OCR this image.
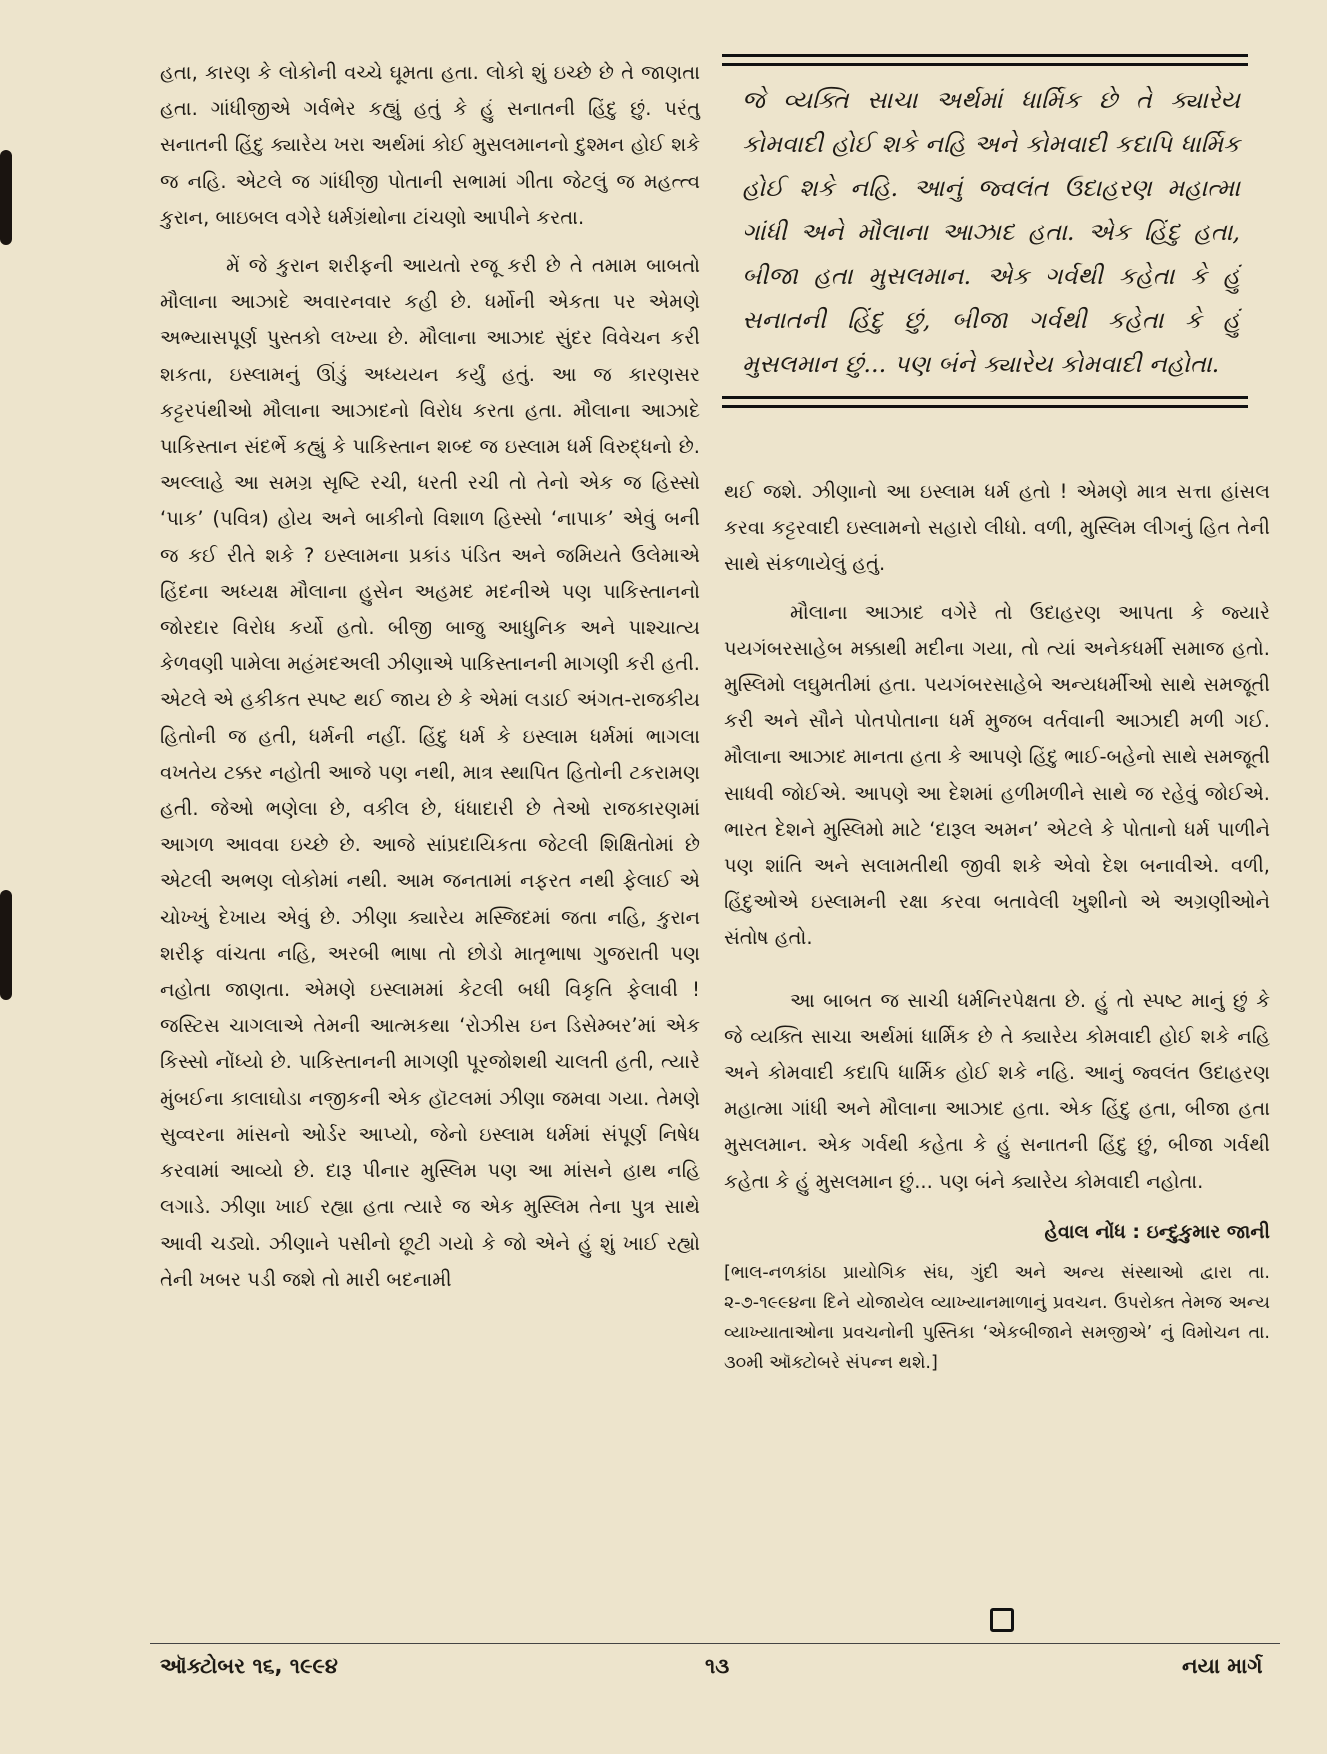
હતા, કારણ કે લોકોની વચ્ચે ઘૂમતા હતા. લોકો શું ઇચ્છે છે તે જાણતા હતા. ગાંધીજીએ ગર્વભેર કહ્યું હતું કે હું સનાતની હિંદુ છું. પરંતુ સનાતની હિંદુ ક્યારેય ખરા અર્થમાં કોઈ મુસલમાનનો દુશ્મન હોઈ શકે જ નહિ. એટલે જ ગાંધીજી પોતાની સભામાં ગીતા જેટલું જ મહત્ત્વ કુરાન, બાઇબલ વગેરે ધર્મગ્રંથોના ટાંચણો આપીને કરતા.

મેં જે કુરાન શરીફની આયતો રજૂ કરી છે તે તમામ બાબતો મૌલાના આઝાદે અવારનવાર કહી છે. ધર્મોની એકતા પર એમણે અભ્યાસપૂર્ણ પુસ્તકો લખ્યા છે. મૌલાના આઝાદ સુંદર વિવેચન કરી શકતા, ઇસ્લામનું ઊંડું અધ્યયન કર્યું હતું. આ જ કારણસર કટ્ટરપંથીઓ મૌલાના આઝાદનો વિરોધ કરતા હતા. મૌલાના આઝાદે પાકિસ્તાન સંદર્ભે કહ્યું કે પાકિસ્તાન શબ્દ જ ઇસ્લામ ધર્મ વિરુદ્ધનો છે. અલ્લાહે આ સમગ્ર સૃષ્ટિ રચી, ધરતી રચી તો તેનો એક જ હિસ્સો ‘પાક’ (પવિત્ર) હોય અને બાકીનો વિશાળ હિસ્સો ‘નાપાક’ એવું બની જ કઈ રીતે શકે ? ઇસ્લામના પ્રકાંડ પંડિત અને જમિયતે ઉલેમાએ હિંદના અધ્યક્ષ મૌલાના હુસેન અહમદ મદનીએ પણ પાકિસ્તાનનો જોરદાર વિરોધ કર્યો હતો. બીજી બાજુ આધુનિક અને પાશ્ચાત્ય કેળવણી પામેલા મહંમદઅલી ઝીણાએ પાકિસ્તાનની માગણી કરી હતી. એટલે એ હકીકત સ્પષ્ટ થઈ જાય છે કે એમાં લડાઈ અંગત-રાજકીય હિતોની જ હતી, ધર્મની નહીં. હિંદુ ધર્મ કે ઇસ્લામ ધર્મમાં ભાગલા વખતેય ટક્કર નહોતી આજે પણ નથી, માત્ર સ્થાપિત હિતોની ટકરામણ હતી. જેઓ ભણેલા છે, વકીલ છે, ધંધાદારી છે તેઓ રાજકારણમાં આગળ આવવા ઇચ્છે છે. આજે સાંપ્રદાયિકતા જેટલી શિક્ષિતોમાં છે એટલી અભણ લોકોમાં નથી. આમ જનતામાં નફરત નથી ફેલાઈ એ ચોખ્ખું દેખાય એવું છે. ઝીણા ક્યારેય મસ્જિદમાં જતા નહિ, કુરાન શરીફ વાંચતા નહિ, અરબી ભાષા તો છોડો માતૃભાષા ગુજરાતી પણ નહોતા જાણતા. એમણે ઇસ્લામમાં કેટલી બધી વિકૃતિ ફેલાવી ! જસ્ટિસ ચાગલાએ તેમની આત્મકથા ‘રોઝીસ ઇન ડિસેમ્બર’માં એક કિસ્સો નોંધ્યો છે. પાકિસ્તાનની માગણી પૂરજોશથી ચાલતી હતી, ત્યારે મુંબઈના કાલાઘોડા નજીકની એક હૉટલમાં ઝીણા જમવા ગયા. તેમણે સુવ્વરના માંસનો ઓર્ડર આપ્યો, જેનો ઇસ્લામ ધર્મમાં સંપૂર્ણ નિષેધ કરવામાં આવ્યો છે. દારૂ પીનાર મુસ્લિમ પણ આ માંસને હાથ નહિ લગાડે. ઝીણા ખાઈ રહ્યા હતા ત્યારે જ એક મુસ્લિમ તેના પુત્ર સાથે આવી ચડ્યો. ઝીણાને પસીનો છૂટી ગયો કે જો એને હું શું ખાઈ રહ્યો તેની ખબર પડી જશે તો મારી બદનામી

જે વ્યક્તિ સાચા અર્થમાં ધાર્મિક છે તે ક્યારેય કોમવાદી હોઈ શકે નહિ અને કોમવાદી કદાપિ ધાર્મિક હોઈ શકે નહિ. આનું જ્વલંત ઉદાહરણ મહાત્મા ગાંધી અને મૌલાના આઝાદ હતા. એક હિંદુ હતા, બીજા હતા મુસલમાન. એક ગર્વથી કહેતા કે હું સનાતની હિંદુ છું, બીજા ગર્વથી કહેતા કે હું મુસલમાન છું... પણ બંને ક્યારેય કોમવાદી નહોતા.

થઈ જશે. ઝીણાનો આ ઇસ્લામ ધર્મ હતો ! એમણે માત્ર સત્તા હાંસલ કરવા કટ્ટરવાદી ઇસ્લામનો સહારો લીધો. વળી, મુસ્લિમ લીગનું હિત તેની સાથે સંકળાયેલું હતું.

મૌલાના આઝાદ વગેરે તો ઉદાહરણ આપતા કે જ્યારે પયગંબરસાહેબ મક્કાથી મદીના ગયા, તો ત્યાં અનેકધર્મી સમાજ હતો. મુસ્લિમો લઘુમતીમાં હતા. પયગંબરસાહેબે અન્યધર્મીઓ સાથે સમજૂતી કરી અને સૌને પોતપોતાના ધર્મ મુજબ વર્તવાની આઝાદી મળી ગઈ. મૌલાના આઝાદ માનતા હતા કે આપણે હિંદુ ભાઈ-બહેનો સાથે સમજૂતી સાધવી જોઈએ. આપણે આ દેશમાં હળીમળીને સાથે જ રહેવું જોઈએ. ભારત દેશને મુસ્લિમો માટે ‘દારૂલ અમન’ એટલે કે પોતાનો ધર્મ પાળીને પણ શાંતિ અને સલામતીથી જીવી શકે એવો દેશ બનાવીએ. વળી, હિંદુઓએ ઇસ્લામની રક્ષા કરવા બતાવેલી ખુશીનો એ અગ્રણીઓને સંતોષ હતો.

આ બાબત જ સાચી ધર્મનિરપેક્ષતા છે. હું તો સ્પષ્ટ માનું છું કે જે વ્યક્તિ સાચા અર્થમાં ધાર્મિક છે તે ક્યારેય કોમવાદી હોઈ શકે નહિ અને કોમવાદી કદાપિ ધાર્મિક હોઈ શકે નહિ. આનું જ્વલંત ઉદાહરણ મહાત્મા ગાંધી અને મૌલાના આઝાદ હતા. એક હિંદુ હતા, બીજા હતા મુસલમાન. એક ગર્વથી કહેતા કે હું સનાતની હિંદુ છું, બીજા ગર્વથી કહેતા કે હું મુસલમાન છું... પણ બંને ક્યારેય કોમવાદી નહોતા.

હેવાલ નોંધ : ઇન્દુકુમાર જાની
[ભાલ-નળકાંઠા પ્રાયોગિક સંઘ, ગુંદી અને અન્ય સંસ્થાઓ દ્વારા તા. ૨-૭-૧૯૯૪ના દિને યોજાયેલ વ્યાખ્યાનમાળાનું પ્રવચન. ઉપરોક્ત તેમજ અન્ય વ્યાખ્યાતાઓના પ્રવચનોની પુસ્તિકા ‘એકબીજાને સમજીએ’ નું વિમોચન તા. ૩૦મી ઑક્ટોબરે સંપન્ન થશે.]
ઑક્ટોબર ૧૬, ૧૯૯૪	૧૩	નયા માર્ગ
